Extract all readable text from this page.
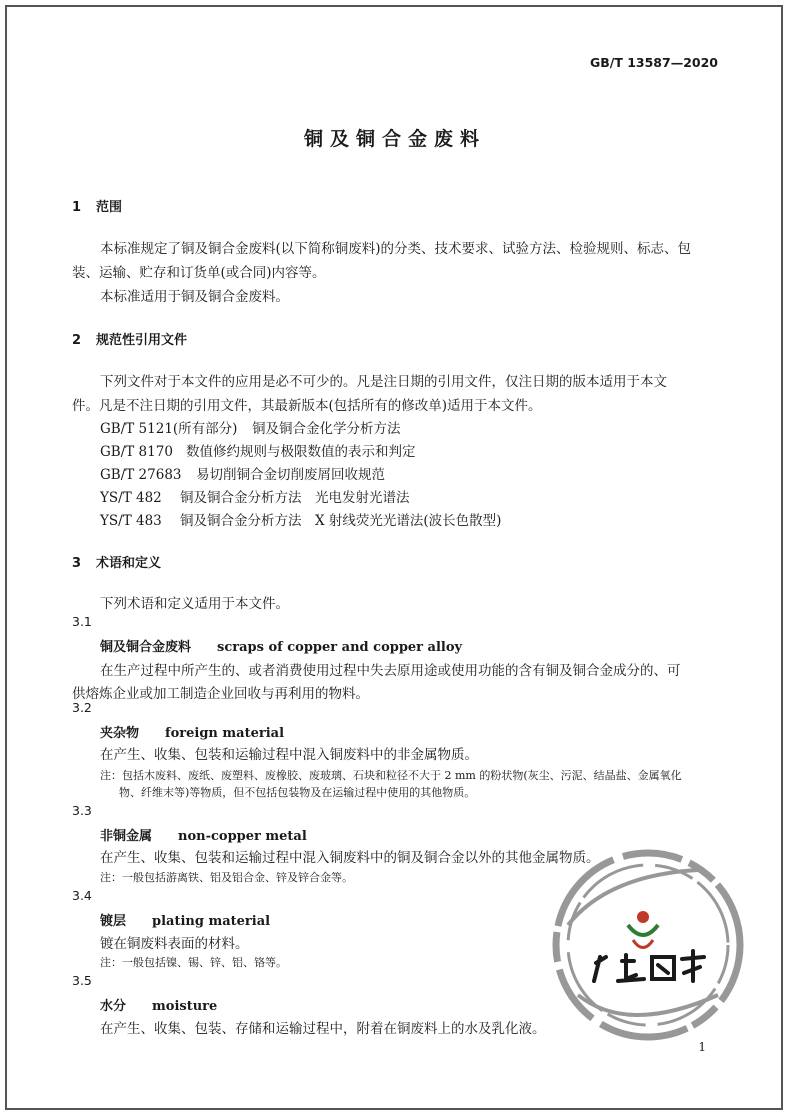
GB/T 13587—2020
铜及铜合金废料
1 范围
本标准规定了铜及铜合金废料(以下简称铜废料)的分类、技术要求、试验方法、检验规则、标志、包
装、运输、贮存和订货单(或合同)内容等。
本标准适用于铜及铜合金废料。
2 规范性引用文件
下列文件对于本文件的应用是必不可少的。凡是注日期的引用文件，仅注日期的版本适用于本文
件。凡是不注日期的引用文件，其最新版本(包括所有的修改单)适用于本文件。
GB/T 5121(所有部分) 铜及铜合金化学分析方法
GB/T 8170 数值修约规则与极限数值的表示和判定
GB/T 27683 易切削铜合金切削废屑回收规范
YS/T 482 铜及铜合金分析方法　光电发射光谱法
YS/T 483 铜及铜合金分析方法　X 射线荧光光谱法(波长色散型)
3 术语和定义
下列术语和定义适用于本文件。
3.1
铜及铜合金废料 scraps of copper and copper alloy
在生产过程中所产生的、或者消费使用过程中失去原用途或使用功能的含有铜及铜合金成分的、可
供熔炼企业或加工制造企业回收与再利用的物料。
3.2
夹杂物 foreign material
在产生、收集、包装和运输过程中混入铜废料中的非金属物质。
注：包括木废料、废纸、废塑料、废橡胶、废玻璃、石块和粒径不大于 2 mm 的粉状物(灰尘、污泥、结晶盐、金属氧化
物、纤维末等)等物质，但不包括包装物及在运输过程中使用的其他物质。
3.3
非铜金属 non-copper metal
在产生、收集、包装和运输过程中混入铜废料中的铜及铜合金以外的其他金属物质。
注：一般包括游离铁、铝及铝合金、锌及锌合金等。
3.4
镀层 plating material
镀在铜废料表面的材料。
注：一般包括镍、锡、锌、铝、铬等。
3.5
水分 moisture
在产生、收集、包装、存储和运输过程中，附着在铜废料上的水及乳化液。
1
